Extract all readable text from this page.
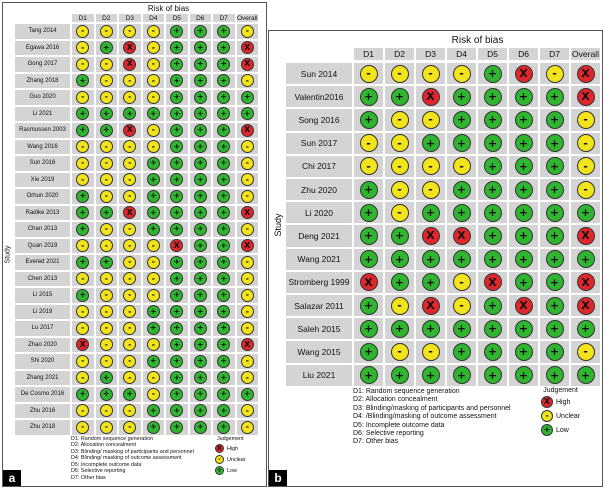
Risk of bias
Study
D1	D2	D3	D4	D5	D6	D7	Overall
Tang 2014	-	-	-	-	+	+	+	-
Egawa 2016	-	+	X	-	+	+	+	X
Gong 2017	-	-	X	-	+	+	+	X
Zhang 2018	+	-	-	-	+	+	+	-
Guo 2020	-	-	-	-	+	+	+	+
Li 2021	+	+	+	+	+	+	+	+
Rasmussen 2003	+	+	X	-	+	+	+	X
Wang 2016	-	-	-	-	+	+	+	-
Sun 2016	-	-	-	+	+	+	+	-
Xie 2019	-	-	-	+	+	+	+	-
Orhun 2020	+	-	-	+	+	+	+	-
Radike 2013	+	+	X	+	+	+	+	X
Chan 2013	+	-	-	+	+	+	+	-
Quan 2019	-	-	-	-	X	+	+	X
Evered 2021	+	+	-	-	+	+	+	-
Chen 2013	-	-	-	-	+	+	+	-
Li 2015	+	-	-	-	+	+	+	-
Li 2019	-	-	-	+	+	+	+	-
Lu 2017	-	-	-	+	+	+	+	-
Zhao 2020	X	-	-	-	+	+	+	X
Shi 2020	-	-	-	+	+	+	+	-
Zhang 2021	-	+	-	-	+	+	+	-
De Cosmo 2016	+	+	+	-	+	+	+	+
Zhu 2016	-	-	-	+	+	+	+	-
Zhu 2018	-	-	-	+	+	+	+	-
D1: Random sequence generation
D2: Allocation concealment
D3: Blinding/ masking of participants and personnel
D4: Blinding/ masking of outcome assessment
D5: Incomplete outcome data
D6: Selective reporting
D7: Other bias
Judgement
X High
-	Unclear
+ Low
a
Risk of bias
Study
D1	D2	D3	D4	D5	D6	D7	Overall
Sun 2014	-	-	-	-	+	X	-	X
Valentin2016	+	+	X	+	+	+	+	X
Song 2016	+	-	-	+	+	+	+	-
Sun 2017	-	-	+	+	+	+	+	-
Chi 2017	-	-	-	-	+	+	+	-
Zhu 2020	+	-	-	+	+	+	+	-
Li 2020	+	-	+	+	+	+	+	+
Deng 2021	+	+	X	X	+	+	+	X
Wang 2021	+	+	+	+	+	+	+	+
Stromberg 1999	X	+	+	-	X	+	+	X
Salazar 2011	+	-	X	-	+	X	+	X
Saleh 2015	+	+	+	+	+	+	+	+
Wang 2015	+	-	-	+	+	+	+	-
Liu 2021	+	+	+	+	+	+	+	+
D1: Random sequence generation
D2: Allocation concealment
D3: Blinding/masking of participants and personnel
D4: /Blinding/masking of outcome assessment
D5: Incomplete outcome data
D6: Selective reporting
D7: Other bias
Judgement
X High
-	Unclear
+ Low
b
